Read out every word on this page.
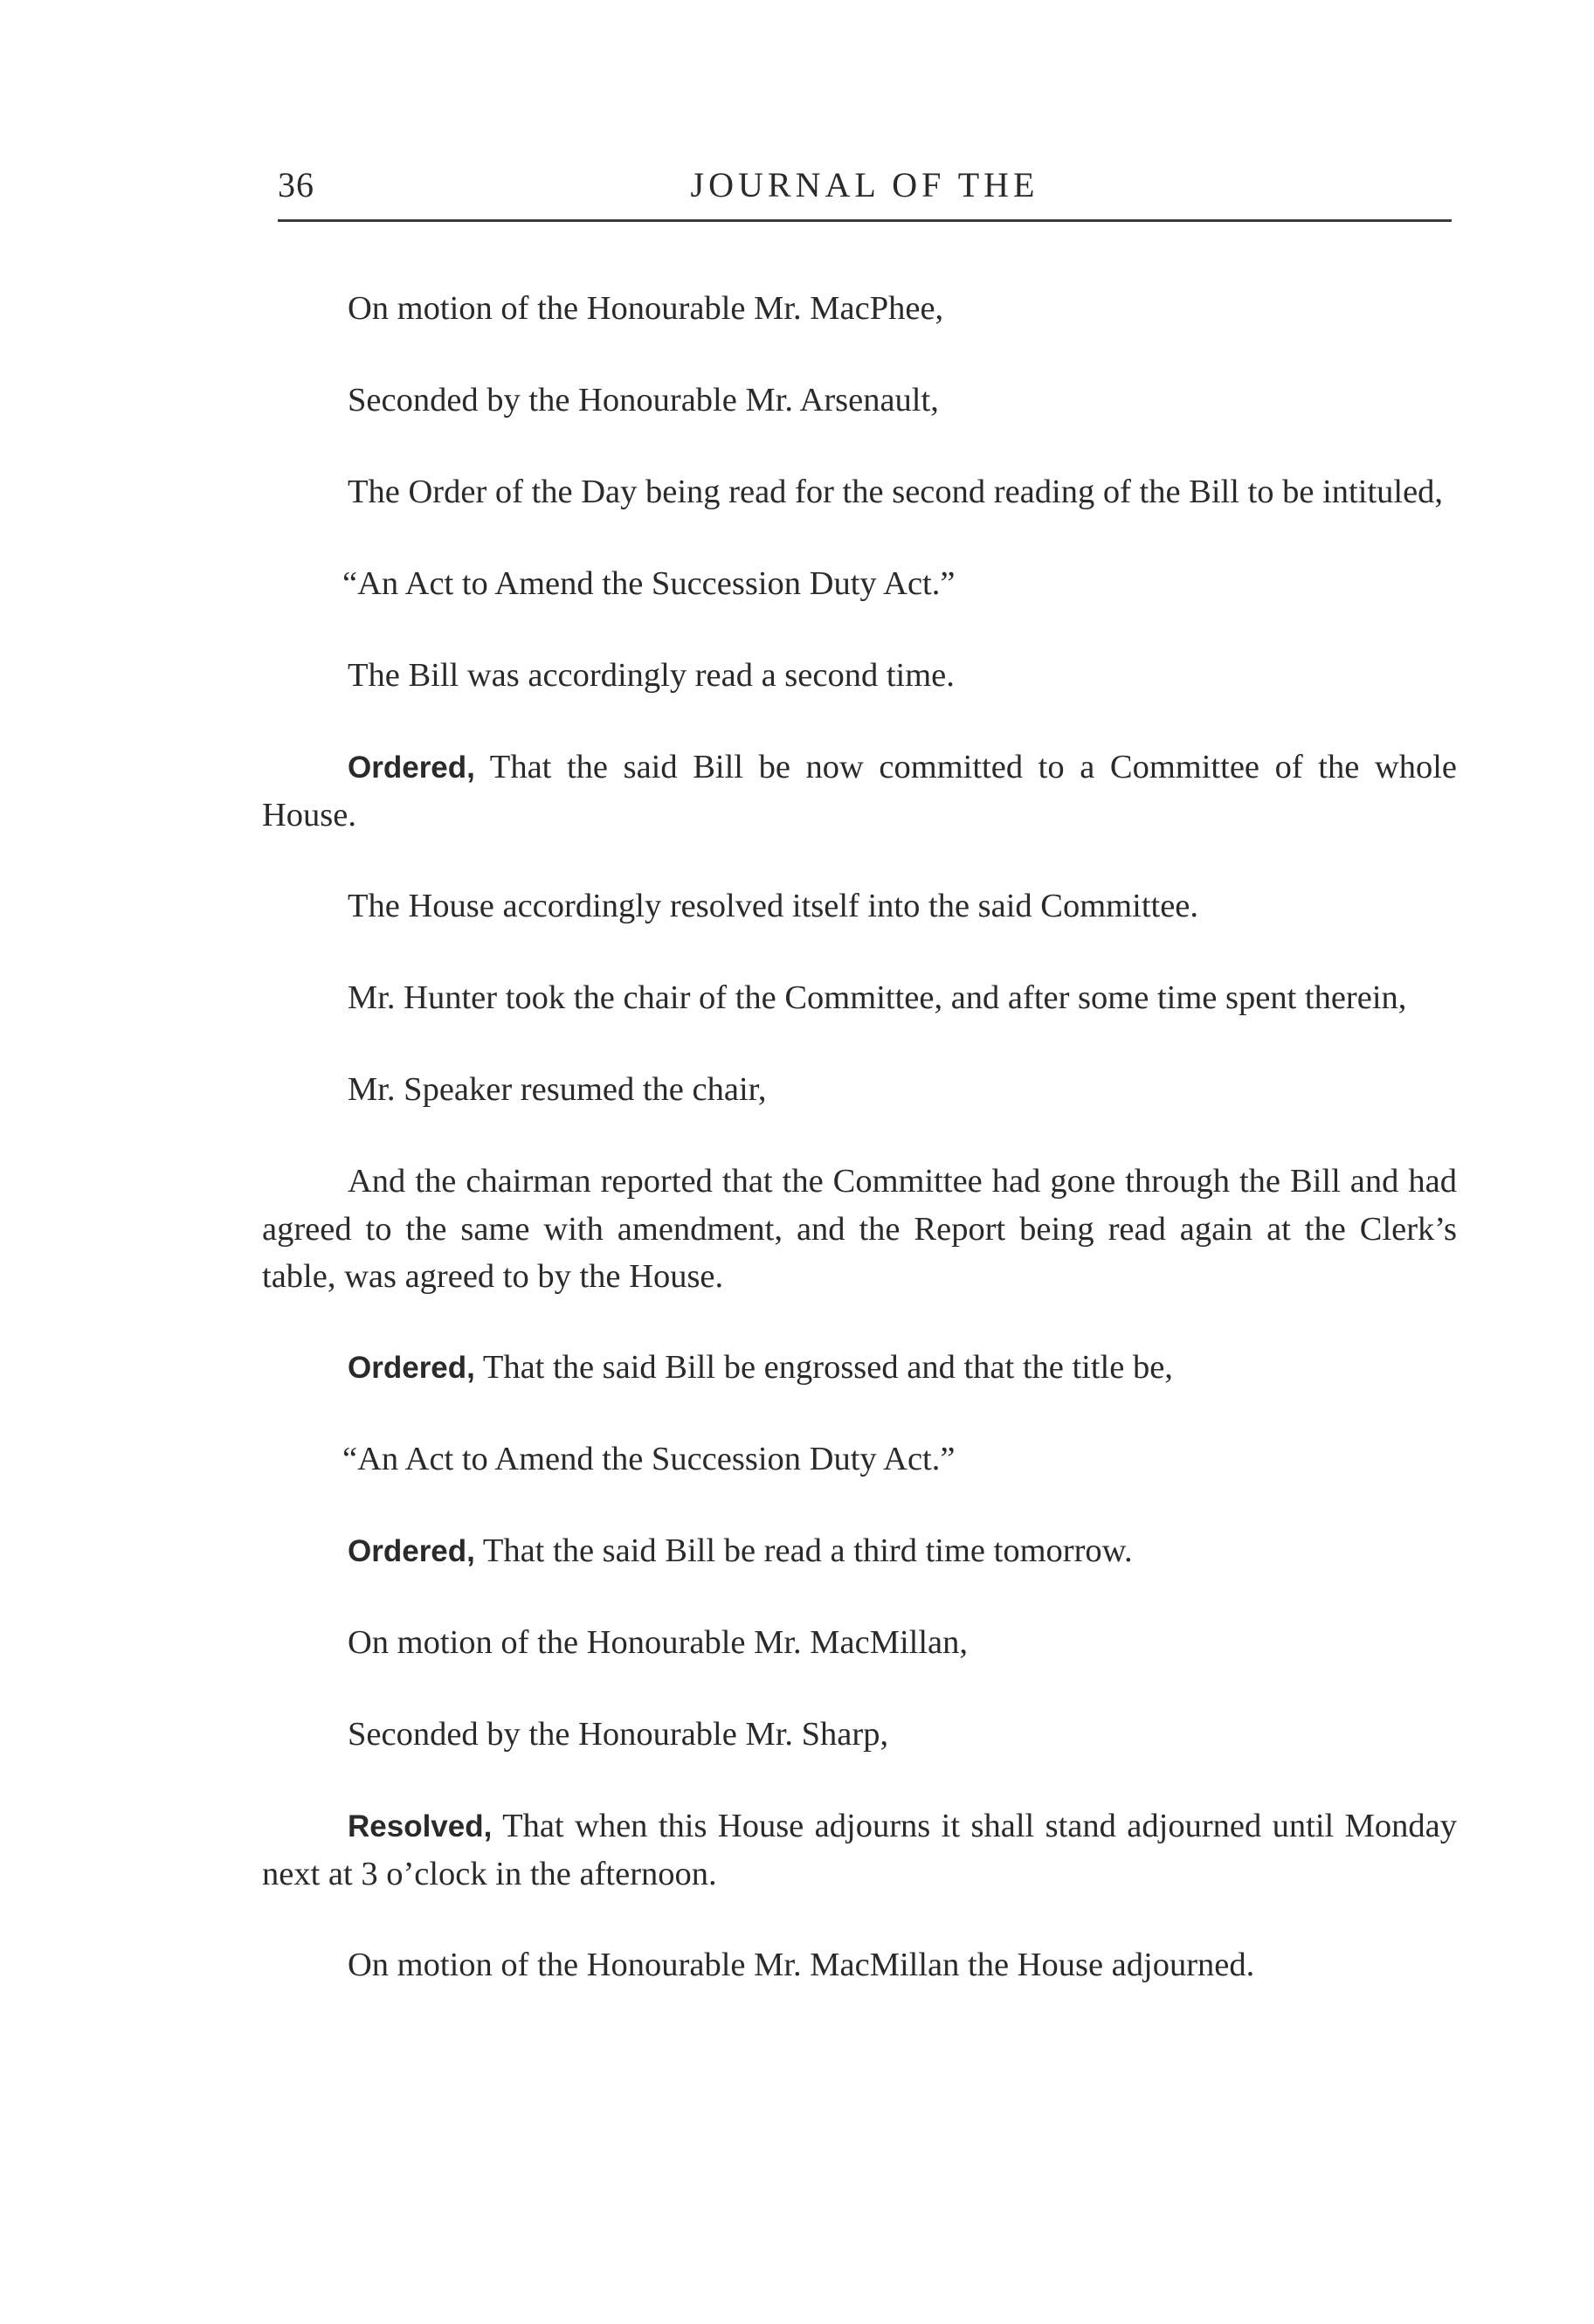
36	JOURNAL OF THE

On motion of the Honourable Mr. MacPhee,

Seconded by the Honourable Mr. Arsenault,

The Order of the Day being read for the second reading of the Bill to be intituled,

“An Act to Amend the Succession Duty Act.”

The Bill was accordingly read a second time.

Ordered, That the said Bill be now committed to a Committee of the whole House.

The House accordingly resolved itself into the said Committee.

Mr. Hunter took the chair of the Committee, and after some time spent therein,

Mr. Speaker resumed the chair,

And the chairman reported that the Committee had gone through the Bill and had agreed to the same with amendment, and the Report being read again at the Clerk’s table, was agreed to by the House.

Ordered, That the said Bill be engrossed and that the title be,

“An Act to Amend the Succession Duty Act.”

Ordered, That the said Bill be read a third time tomorrow.

On motion of the Honourable Mr. MacMillan,

Seconded by the Honourable Mr. Sharp,

Resolved, That when this House adjourns it shall stand adjourned until Monday next at 3 o’clock in the afternoon.

On motion of the Honourable Mr. MacMillan the House adjourned.
